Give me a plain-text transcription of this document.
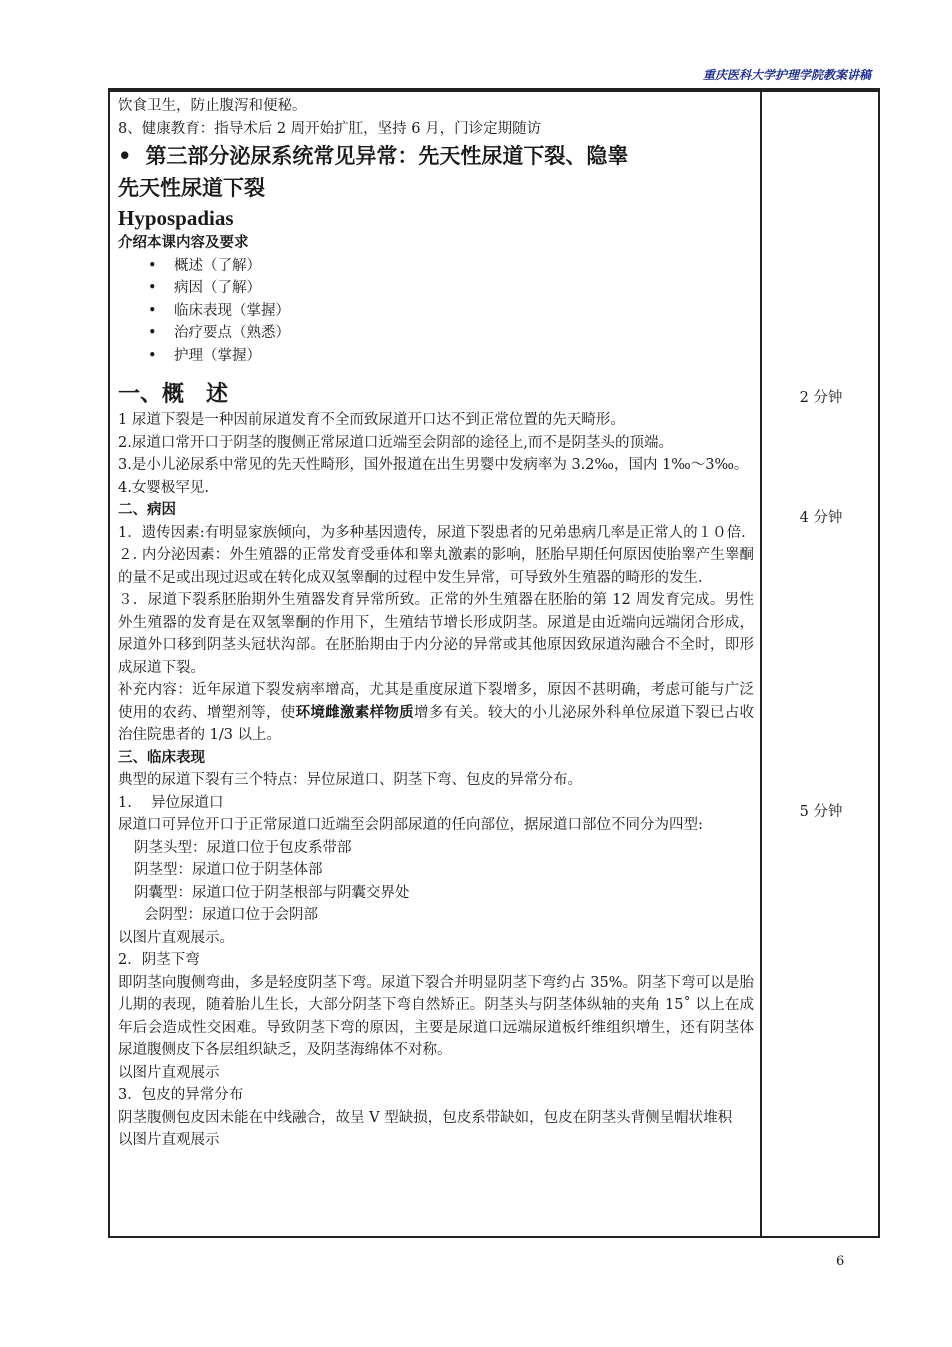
重庆医科大学护理学院教案讲稿

饮食卫生，防止腹泻和便秘。

8、健康教育：指导术后 2 周开始扩肛，坚持 6 月，门诊定期随访

• 第三部分泌尿系统常见异常：先天性尿道下裂、隐睾

先天性尿道下裂

Hypospadias

介绍本课内容及要求

• 概述（了解）
• 病因（了解）
• 临床表现（掌握）
• 治疗要点（熟悉）
• 护理（掌握）

一、概　述

1 尿道下裂是一种因前尿道发育不全而致尿道开口达不到正常位置的先天畸形。

2.尿道口常开口于阴茎的腹侧正常尿道口近端至会阴部的途径上,而不是阴茎头的顶端。

3.是小儿泌尿系中常见的先天性畸形，国外报道在出生男婴中发病率为 3.2‰，国内 1‰～3‰。

4.女婴极罕见.

二、病因

1．遗传因素:有明显家族倾向，为多种基因遗传，尿道下裂患者的兄弟患病几率是正常人的１０倍.

２. 内分泌因素：外生殖器的正常发育受垂体和睾丸激素的影响，胚胎早期任何原因使胎睾产生睾酮的量不足或出现过迟或在转化成双氢睾酮的过程中发生异常，可导致外生殖器的畸形的发生.

３．尿道下裂系胚胎期外生殖器发育异常所致。正常的外生殖器在胚胎的第 12 周发育完成。男性外生殖器的发育是在双氢睾酮的作用下，生殖结节增长形成阴茎。尿道是由近端向远端闭合形成，尿道外口移到阴茎头冠状沟部。在胚胎期由于内分泌的异常或其他原因致尿道沟融合不全时，即形成尿道下裂。

补充内容：近年尿道下裂发病率增高，尤其是重度尿道下裂增多，原因不甚明确，考虑可能与广泛使用的农药、增塑剂等，使环境雌激素样物质增多有关。较大的小儿泌尿外科单位尿道下裂已占收治住院患者的 1/3 以上。

三、临床表现

典型的尿道下裂有三个特点：异位尿道口、阴茎下弯、包皮的异常分布。

1.　 异位尿道口

尿道口可异位开口于正常尿道口近端至会阴部尿道的任向部位，据尿道口部位不同分为四型:

阴茎头型：尿道口位于包皮系带部

阴茎型：尿道口位于阴茎体部

阴囊型：尿道口位于阴茎根部与阴囊交界处

会阴型：尿道口位于会阴部

以图片直观展示。

2．阴茎下弯

即阴茎向腹侧弯曲，多是轻度阴茎下弯。尿道下裂合并明显阴茎下弯约占 35%。阴茎下弯可以是胎儿期的表现，随着胎儿生长，大部分阴茎下弯自然矫正。阴茎头与阴茎体纵轴的夹角 15˚ 以上在成年后会造成性交困难。导致阴茎下弯的原因，主要是尿道口远端尿道板纤维组织增生，还有阴茎体尿道腹侧皮下各层组织缺乏，及阴茎海绵体不对称。

以图片直观展示

3．包皮的异常分布

阴茎腹侧包皮因未能在中线融合，故呈 V 型缺损，包皮系带缺如，包皮在阴茎头背侧呈帽状堆积

以图片直观展示

2 分钟
4 分钟
5 分钟
6
